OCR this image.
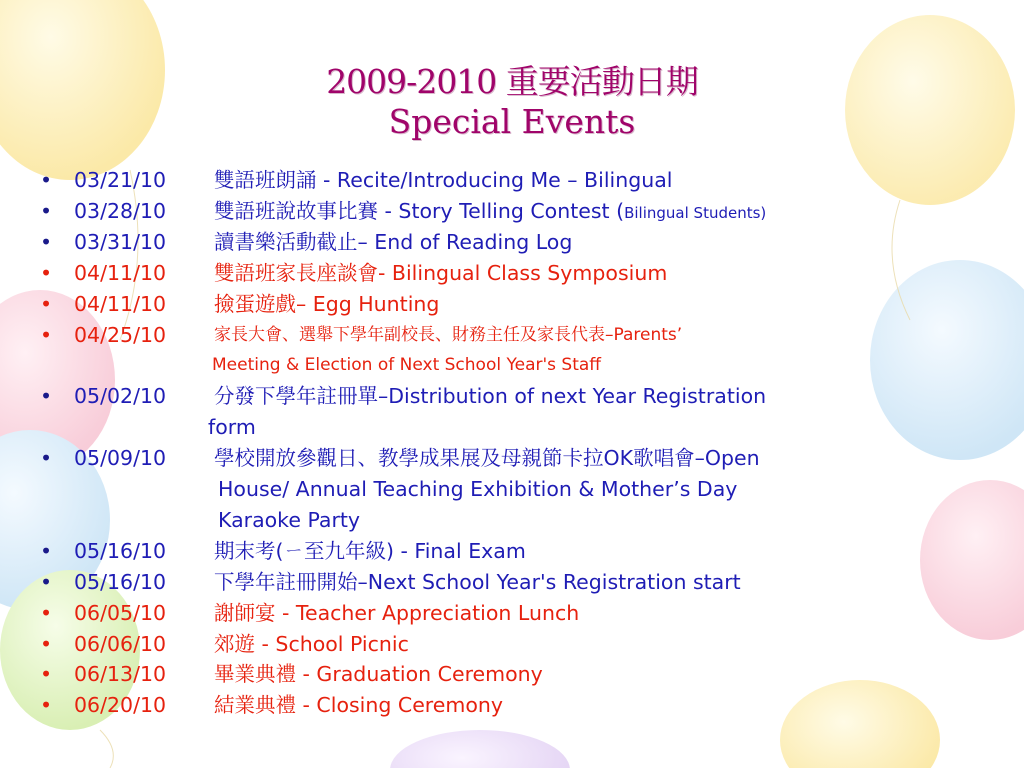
2009-2010 重要活動日期

Special Events

•	03/21/10 雙語班朗誦 - Recite/Introducing Me – Bilingual
•	03/28/10 雙語班說故事比賽 - Story Telling Contest (Bilingual Students)
•	03/31/10 讀書樂活動截止– End of Reading Log
•	04/11/10 雙語班家長座談會- Bilingual Class Symposium
•	04/11/10 撿蛋遊戲– Egg Hunting
•	04/25/10	家長大會、選舉下學年副校長、財務主任及家長代表–Parents’
Meeting & Election of Next School Year's Staff
•	05/02/10 分發下學年註冊單–Distribution of next Year Registration
form
•	05/09/10 學校開放參觀日、教學成果展及母親節卡拉OK歌唱會–Open
House/ Annual Teaching Exhibition & Mother’s Day
Karaoke Party
•	05/16/10 期末考(ㄧ至九年級) - Final Exam
•	05/16/10 下學年註冊開始–Next School Year's Registration start
•	06/05/10 謝師宴 - Teacher Appreciation Lunch
•	06/06/10 郊遊 - School Picnic
•	06/13/10 畢業典禮 - Graduation Ceremony
•	06/20/10 結業典禮 - Closing Ceremony
